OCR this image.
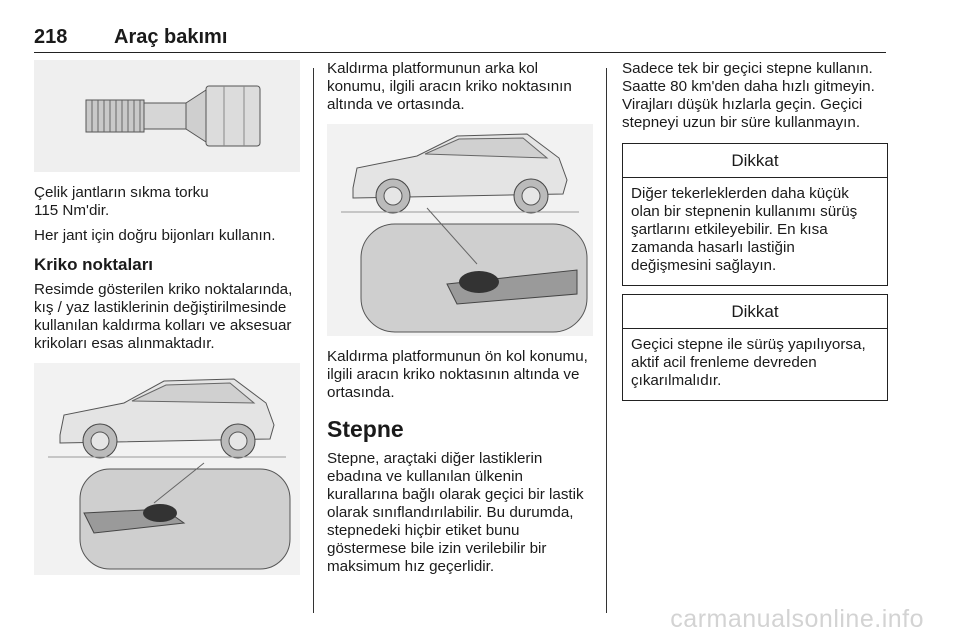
218 Araç bakımı

Çelik jantların sıkma torku

115 Nm'dir.

Her jant için doğru bijonları kullanın.

Kriko noktaları

Resimde gösterilen kriko noktalarında, kış / yaz lastiklerinin değiştirilmesinde kullanılan kaldırma kolları ve aksesuar krikoları esas alınmaktadır.

Kaldırma platformunun arka kol konumu, ilgili aracın kriko noktasının altında ve ortasında.

Kaldırma platformunun ön kol konumu, ilgili aracın kriko noktasının altında ve ortasında.

Stepne

Stepne, araçtaki diğer lastiklerin ebadına ve kullanılan ülkenin kurallarına bağlı olarak geçici bir lastik olarak sınıflandırılabilir. Bu durumda, stepnedeki hiçbir etiket bunu göstermese bile izin verilebilir bir maksimum hız geçerlidir.

Sadece tek bir geçici stepne kullanın. Saatte 80 km'den daha hızlı gitmeyin. Virajları düşük hızlarla geçin. Geçici stepneyi uzun bir süre kullanmayın.

Dikkat
Diğer tekerleklerden daha küçük olan bir stepnenin kullanımı sürüş şartlarını etkileyebilir. En kısa zamanda hasarlı lastiğin değişmesini sağlayın.
Dikkat
Geçici stepne ile sürüş yapılıyorsa, aktif acil frenleme devreden çıkarılmalıdır.
carmanualsonline.info
